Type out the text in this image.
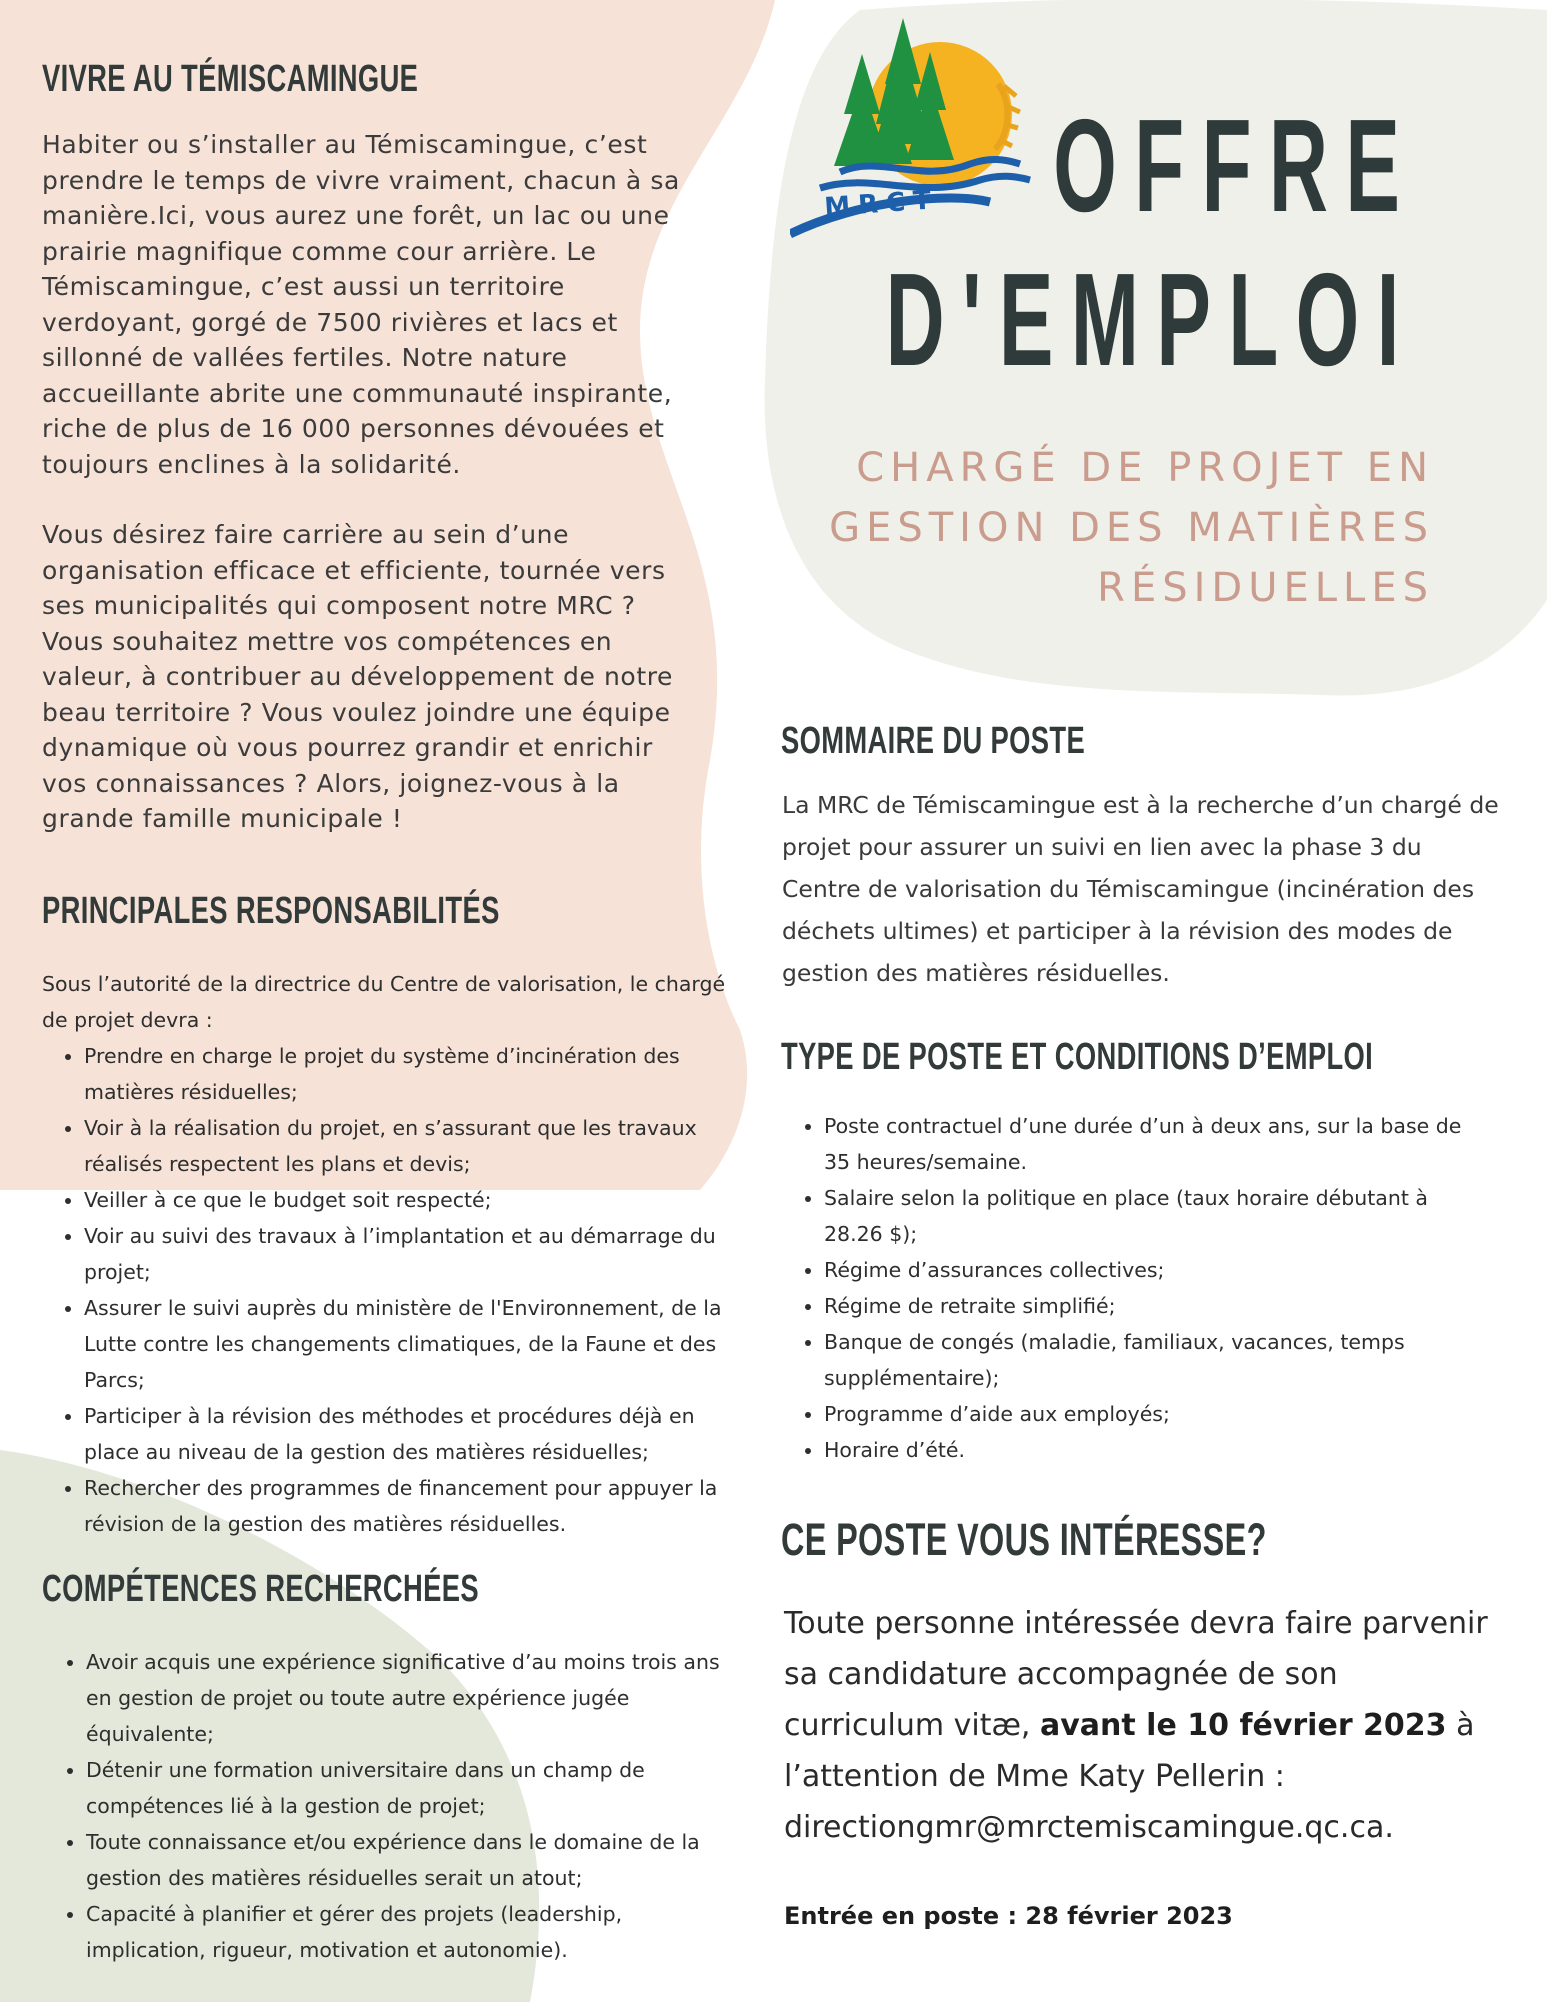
MRCT OFFRE
D'EMPLOI
CHARGÉ DE PROJET EN
GESTION DES MATIÈRES
RÉSIDUELLES
VIVRE AU TÉMISCAMINGUE

Habiter ou s’installer au Témiscamingue, c’est prendre le temps de vivre vraiment, chacun à sa manière.Ici, vous aurez une forêt, un lac ou une prairie magnifique comme cour arrière. Le Témiscamingue, c’est aussi un territoire verdoyant, gorgé de 7500 rivières et lacs et sillonné de vallées fertiles. Notre nature accueillante abrite une communauté inspirante, riche de plus de 16 000 personnes dévouées et toujours enclines à la solidarité.

Vous désirez faire carrière au sein d’une organisation efficace et efficiente, tournée vers ses municipalités qui composent notre MRC ? Vous souhaitez mettre vos compétences en valeur, à contribuer au développement de notre beau territoire ? Vous voulez joindre une équipe dynamique où vous pourrez grandir et enrichir vos connaissances ? Alors, joignez-vous à la grande famille municipale !

PRINCIPALES RESPONSABILITÉS
Sous l’autorité de la directrice du Centre de valorisation, le chargé de projet devra :
• Prendre en charge le projet du système d’incinération des matières résiduelles;
• Voir à la réalisation du projet, en s’assurant que les travaux réalisés respectent les plans et devis;
• Veiller à ce que le budget soit respecté;
• Voir au suivi des travaux à l’implantation et au démarrage du projet;
• Assurer le suivi auprès du ministère de l'Environnement, de la Lutte contre les changements climatiques, de la Faune et des Parcs;
• Participer à la révision des méthodes et procédures déjà en place au niveau de la gestion des matières résiduelles;
• Rechercher des programmes de financement pour appuyer la révision de la gestion des matières résiduelles.
COMPÉTENCES RECHERCHÉES
• Avoir acquis une expérience significative d’au moins trois ans en gestion de projet ou toute autre expérience jugée équivalente;
• Détenir une formation universitaire dans un champ de compétences lié à la gestion de projet;
• Toute connaissance et/ou expérience dans le domaine de la gestion des matières résiduelles serait un atout;
• Capacité à planifier et gérer des projets (leadership, implication, rigueur, motivation et autonomie).
SOMMAIRE DU POSTE
La MRC de Témiscamingue est à la recherche d’un chargé de projet pour assurer un suivi en lien avec la phase 3 du Centre de valorisation du Témiscamingue (incinération des déchets ultimes) et participer à la révision des modes de gestion des matières résiduelles.
TYPE DE POSTE ET CONDITIONS D’EMPLOI
• Poste contractuel d’une durée d’un à deux ans, sur la base de 35 heures/semaine.
• Salaire selon la politique en place (taux horaire débutant à 28.26 $);
• Régime d’assurances collectives;
• Régime de retraite simplifié;
• Banque de congés (maladie, familiaux, vacances, temps supplémentaire);
• Programme d’aide aux employés;
• Horaire d’été.
CE POSTE VOUS INTÉRESSE?
Toute personne intéressée devra faire parvenir sa candidature accompagnée de son curriculum vitæ, avant le 10 février 2023 à l’attention de Mme Katy Pellerin : directiongmr@mrctemiscamingue.qc.ca.
Entrée en poste : 28 février 2023
